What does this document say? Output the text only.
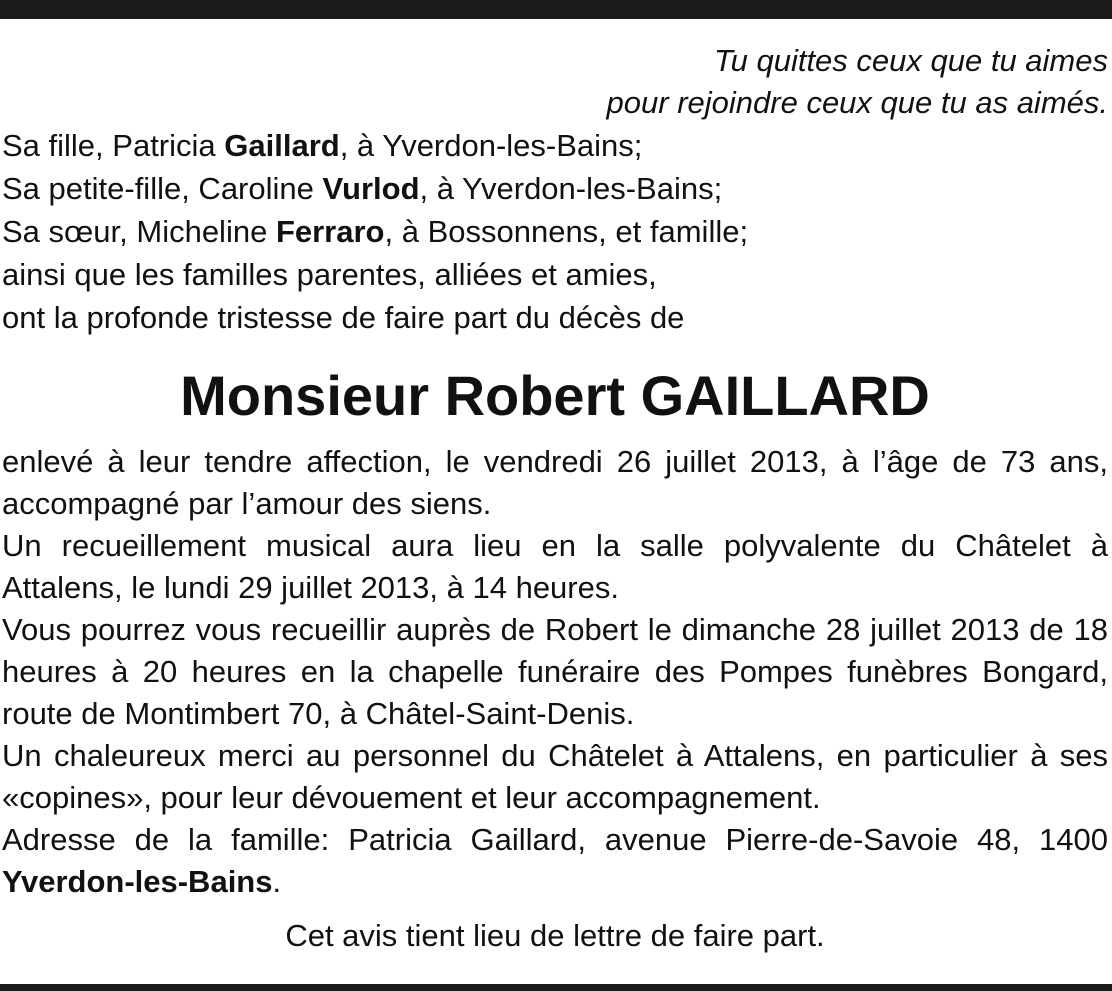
Tu quittes ceux que tu aimes
pour rejoindre ceux que tu as aimés.
Sa fille, Patricia Gaillard, à Yverdon-les-Bains;
Sa petite-fille, Caroline Vurlod, à Yverdon-les-Bains;
Sa sœur, Micheline Ferraro, à Bossonnens, et famille;
ainsi que les familles parentes, alliées et amies,
ont la profonde tristesse de faire part du décès de
Monsieur Robert GAILLARD

enlevé à leur tendre affection, le vendredi 26 juillet 2013, à l’âge de 73 ans, accompagné par l’amour des siens.

Un recueillement musical aura lieu en la salle polyvalente du Châtelet à Attalens, le lundi 29 juillet 2013, à 14 heures.

Vous pourrez vous recueillir auprès de Robert le dimanche 28 juillet 2013 de 18 heures à 20 heures en la chapelle funéraire des Pompes funèbres Bongard, route de Montimbert 70, à Châtel-Saint-Denis.

Un chaleureux merci au personnel du Châtelet à Attalens, en particulier à ses «copines», pour leur dévouement et leur accompagnement.

Adresse de la famille: Patricia Gaillard, avenue Pierre-de-Savoie 48, 1400 Yverdon-les-Bains.

Cet avis tient lieu de lettre de faire part.
